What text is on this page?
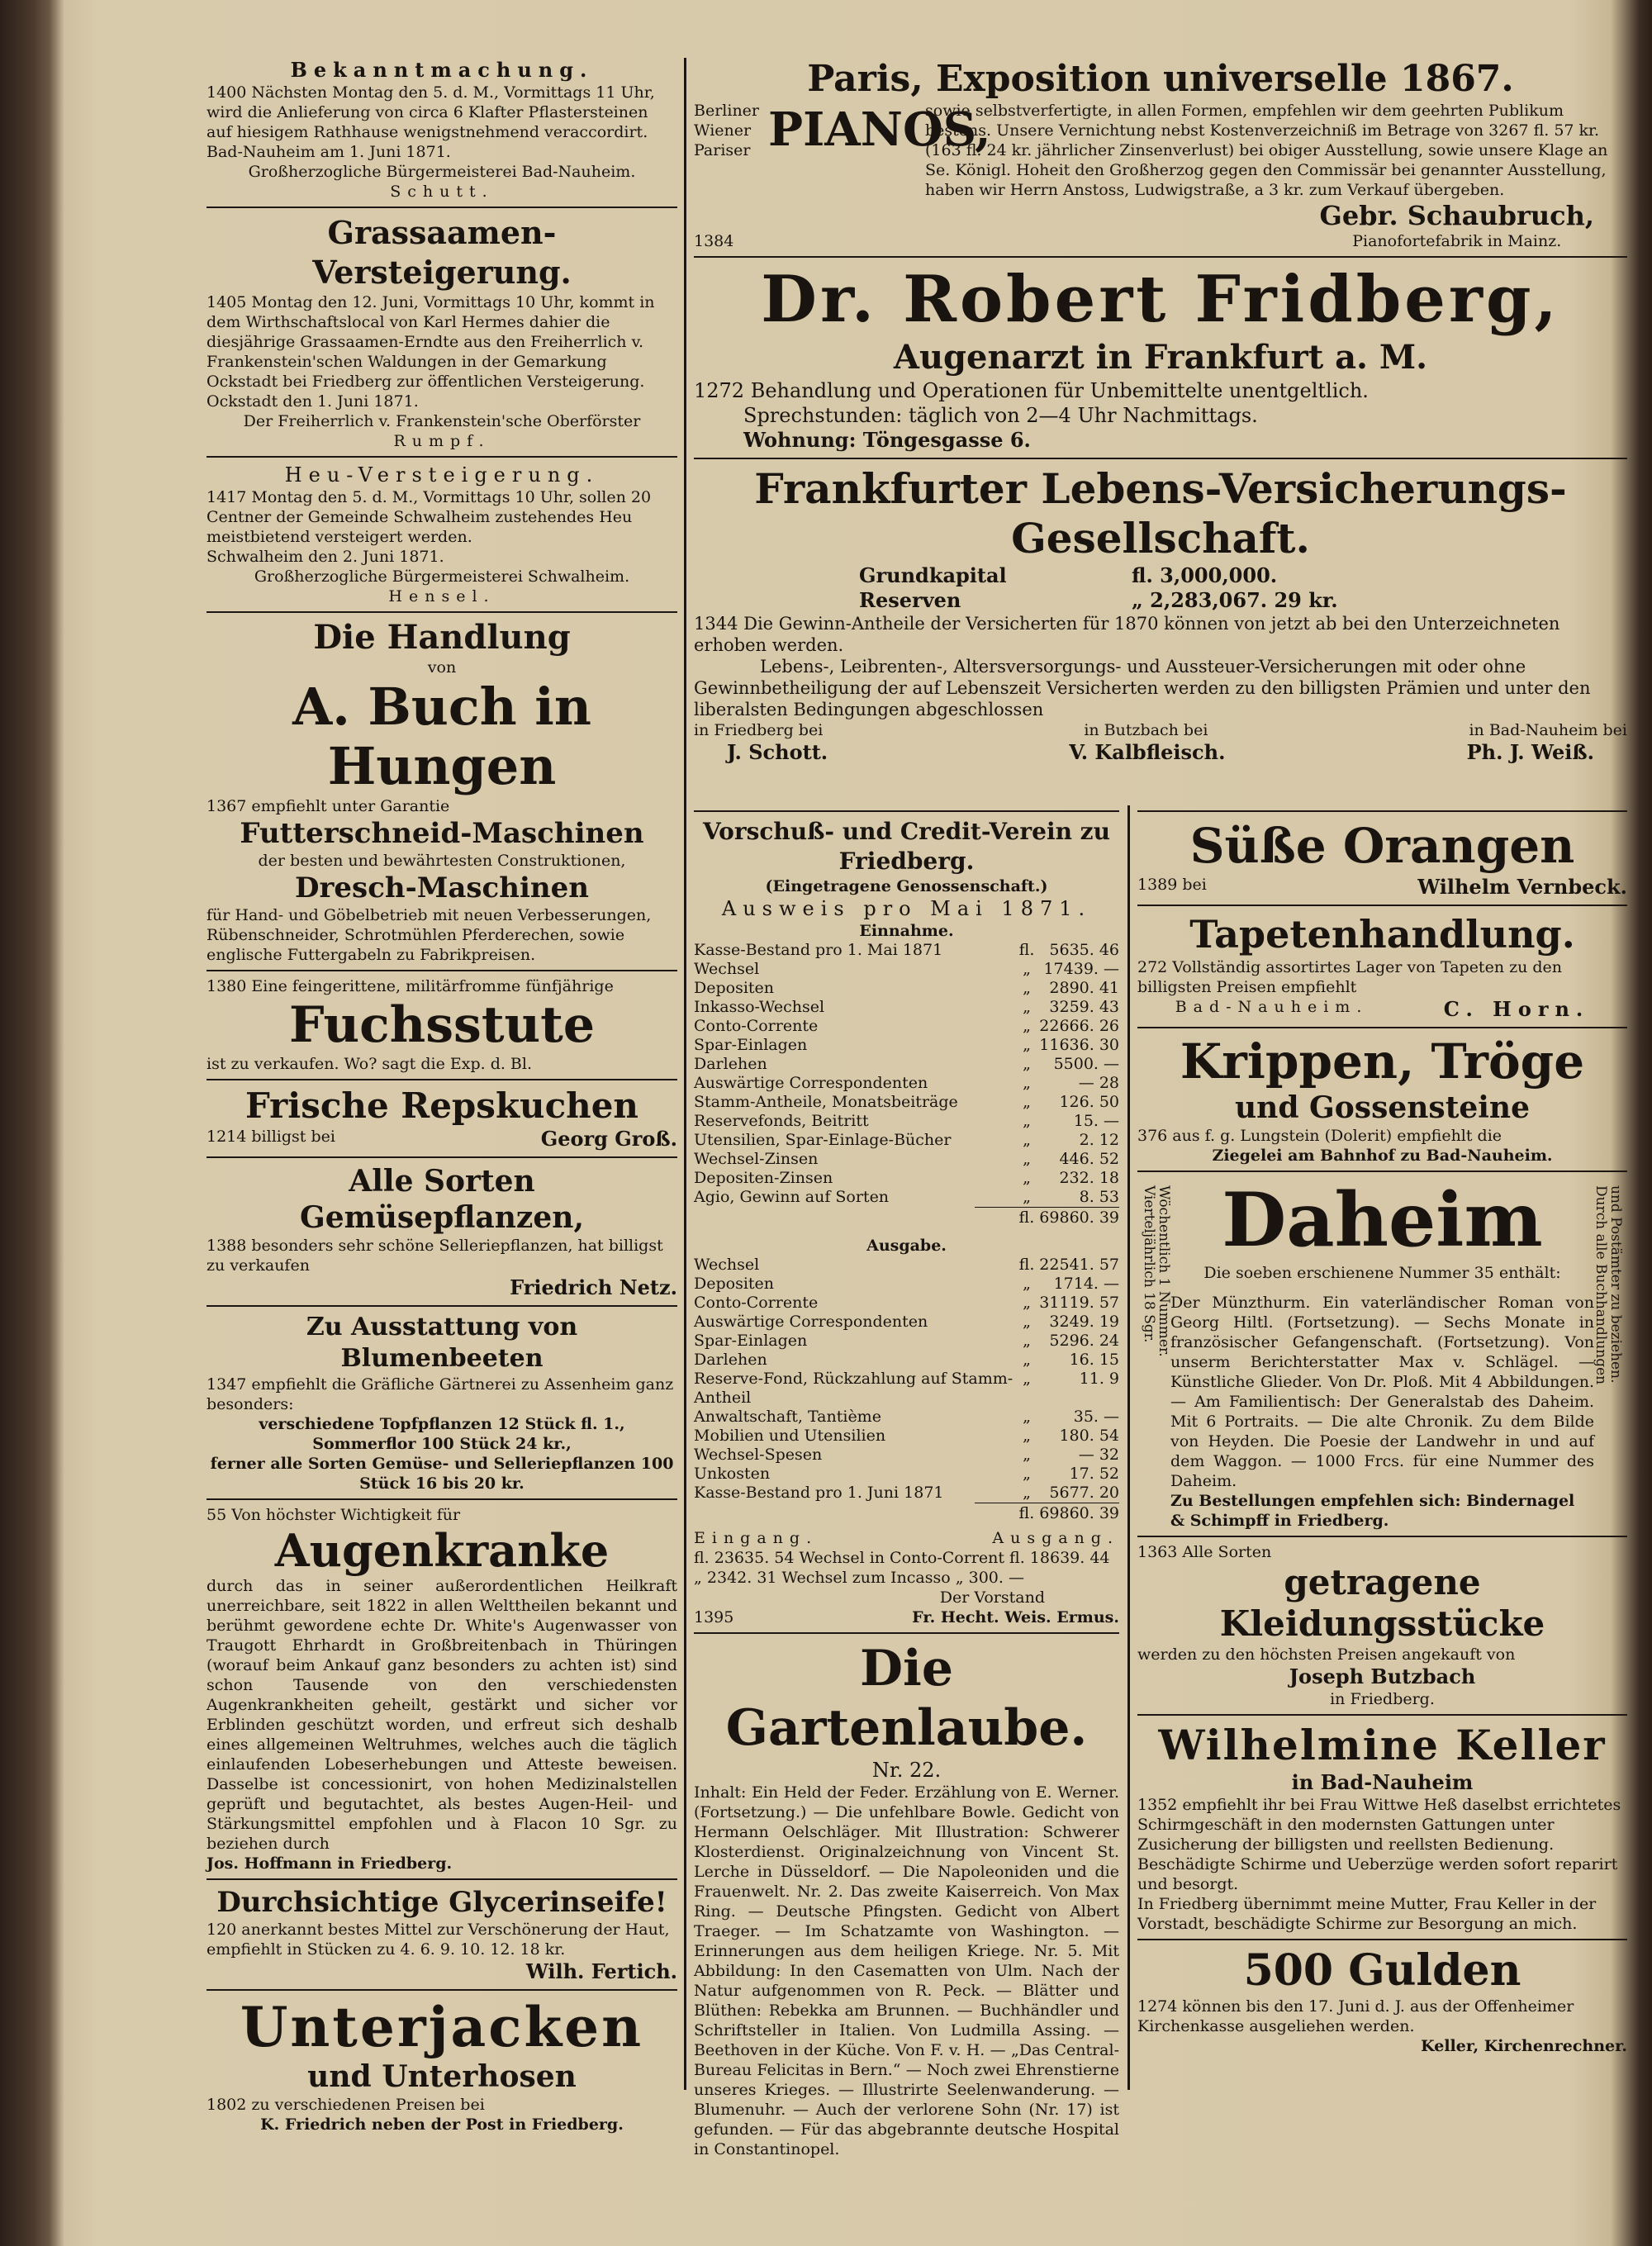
Bekanntmachung.
1400 Nächsten Montag den 5. d. M., Vormittags 11 Uhr, wird die Anlieferung von circa 6 Klafter Pflastersteinen auf hiesigem Rathhause wenigstnehmend veraccordirt.
Bad-Nauheim am 1. Juni 1871.
Großherzogliche Bürgermeisterei Bad-Nauheim.
Schutt.
Grassaamen-Versteigerung.
1405 Montag den 12. Juni, Vormittags 10 Uhr, kommt in dem Wirthschaftslocal von Karl Hermes dahier die diesjährige Grassaamen-Erndte aus den Freiherrlich v. Frankenstein'schen Waldungen in der Gemarkung Ockstadt bei Friedberg zur öffentlichen Versteigerung.
Ockstadt den 1. Juni 1871.
Der Freiherrlich v. Frankenstein'sche Oberförster
Rumpf.
Heu-Versteigerung.
1417 Montag den 5. d. M., Vormittags 10 Uhr, sollen 20 Centner der Gemeinde Schwalheim zustehendes Heu meistbietend versteigert werden.
Schwalheim den 2. Juni 1871.
Großherzogliche Bürgermeisterei Schwalheim.
Hensel.
Die Handlung
von
A. Buch in Hungen
1367 empfiehlt unter Garantie
Futterschneid-Maschinen
der besten und bewährtesten Construktionen,
Dresch-Maschinen
für Hand- und Göbelbetrieb mit neuen Verbesserungen, Rübenschneider, Schrotmühlen Pferderechen, sowie englische Futtergabeln zu Fabrikpreisen.
1380 Eine feingerittene, militärfromme fünfjährige
Fuchsstute
ist zu verkaufen. Wo? sagt die Exp. d. Bl.
Frische Repskuchen
1214 billigst bei	Georg Groß.
Alle Sorten Gemüsepflanzen,
1388 besonders sehr schöne Selleriepflanzen, hat billigst zu verkaufen
Friedrich Netz.
Zu Ausstattung von Blumenbeeten
1347 empfiehlt die Gräfliche Gärtnerei zu Assenheim ganz besonders:
verschiedene Topfpflanzen 12 Stück fl. 1.,
Sommerflor 100 Stück 24 kr.,
ferner alle Sorten Gemüse- und Selleriepflanzen 100 Stück 16 bis 20 kr.
55 Von höchster Wichtigkeit für
Augenkranke
durch das in seiner außerordentlichen Heilkraft unerreichbare, seit 1822 in allen Welttheilen bekannt und berühmt gewordene echte Dr. White's Augenwasser von Traugott Ehrhardt in Großbreitenbach in Thüringen (worauf beim Ankauf ganz besonders zu achten ist) sind schon Tausende von den verschiedensten Augenkrankheiten geheilt, gestärkt und sicher vor Erblinden geschützt worden, und erfreut sich deshalb eines allgemeinen Weltruhmes, welches auch die täglich einlaufenden Lobeserhebungen und Atteste beweisen. Dasselbe ist concessionirt, von hohen Medizinalstellen geprüft und begutachtet, als bestes Augen-Heil- und Stärkungsmittel empfohlen und à Flacon 10 Sgr. zu beziehen durch
Jos. Hoffmann in Friedberg.
Durchsichtige Glycerinseife!
120 anerkannt bestes Mittel zur Verschönerung der Haut, empfiehlt in Stücken zu 4. 6. 9. 10. 12. 18 kr.
Wilh. Fertich.
Unterjacken
und Unterhosen
1802 zu verschiedenen Preisen bei
K. Friedrich neben der Post in Friedberg.
Paris, Exposition universelle 1867.
Berliner
Wiener
Pariser PIANOS,
sowie selbstverfertigte, in allen Formen, empfehlen wir dem geehrten Publikum bestens. Unsere Vernichtung nebst Kostenverzeichniß im Betrage von 3267 fl. 57 kr. (163 fl. 24 kr. jährlicher Zinsenverlust) bei obiger Ausstellung, sowie unsere Klage an Se. Königl. Hoheit den Großherzog gegen den Commissär bei genannter Ausstellung, haben wir Herrn Anstoss, Ludwigstraße, a 3 kr. zum Verkauf übergeben.
1384
Gebr. Schaubruch,
Pianofortefabrik in Mainz.
Dr. Robert Fridberg,
Augenarzt in Frankfurt a. M.
1272 Behandlung und Operationen für Unbemittelte unentgeltlich.
Sprechstunden: täglich von 2—4 Uhr Nachmittags.
Wohnung: Töngesgasse 6.
Frankfurter Lebens-Versicherungs-Gesellschaft.
Grundkapital	fl. 3,000,000.
Reserven	„ 2,283,067. 29 kr.
1344 Die Gewinn-Antheile der Versicherten für 1870 können von jetzt ab bei den Unterzeichneten erhoben werden.
Lebens-, Leibrenten-, Altersversorgungs- und Aussteuer-Versicherungen mit oder ohne Gewinnbetheiligung der auf Lebenszeit Versicherten werden zu den billigsten Prämien und unter den liberalsten Bedingungen abgeschlossen
in Friedberg bei	in Butzbach bei	in Bad-Nauheim bei
J. Schott.	V. Kalbfleisch.	Ph. J. Weiß.
Vorschuß- und Credit-Verein zu Friedberg.
(Eingetragene Genossenschaft.)
Ausweis pro Mai 1871.
Einnahme.
Kasse-Bestand pro 1. Mai 1871	fl. 5635. 46
Wechsel	„ 17439. —
Depositen	„	2890. 41
Inkasso-Wechsel	„	3259. 43
Conto-Corrente	„ 22666. 26
Spar-Einlagen	„ 11636. 30
Darlehen	„	5500. —
Auswärtige Correspondenten	„	— 28
Stamm-Antheile, Monatsbeiträge	„	126. 50
Reservefonds, Beitritt	„	15. —
Utensilien, Spar-Einlage-Bücher	„	2. 12
Wechsel-Zinsen	„	446. 52
Depositen-Zinsen	„	232. 18
Agio, Gewinn auf Sorten	„	8. 53
fl. 69860. 39
Ausgabe.
Wechsel	fl. 22541. 57
Depositen	„	1714. —
Conto-Corrente	„ 31119. 57
Auswärtige Correspondenten	„	3249. 19
Spar-Einlagen	„	5296. 24
Darlehen	„	16. 15
Reserve-Fond, Rückzahlung auf Stamm-Antheil
„	11. 9
Anwaltschaft, Tantième	„	35. —
Mobilien und Utensilien	„	180. 54
Wechsel-Spesen	„	— 32
Unkosten	„	17. 52
Kasse-Bestand pro 1. Juni 1871	„	5677. 20
fl. 69860. 39
Eingang.	Ausgang.
fl. 23635. 54 Wechsel in Conto-Corrent fl. 18639. 44
„ 2342. 31 Wechsel zum Incasso „ 300. —
Der Vorstand
1395	Fr. Hecht. Weis. Ermus.
Die Gartenlaube.
Nr. 22.
Inhalt: Ein Held der Feder. Erzählung von E. Werner. (Fortsetzung.) — Die unfehlbare Bowle. Gedicht von Hermann Oelschläger. Mit Illustration: Schwerer Klosterdienst. Originalzeichnung von Vincent St. Lerche in Düsseldorf. — Die Napoleoniden und die Frauenwelt. Nr. 2. Das zweite Kaiserreich. Von Max Ring. — Deutsche Pfingsten. Gedicht von Albert Traeger. — Im Schatzamte von Washington. — Erinnerungen aus dem heiligen Kriege. Nr. 5. Mit Abbildung: In den Casematten von Ulm. Nach der Natur aufgenommen von R. Peck. — Blätter und Blüthen: Rebekka am Brunnen. — Buchhändler und Schriftsteller in Italien. Von Ludmilla Assing. — Beethoven in der Küche. Von F. v. H. — „Das Central-Bureau Felicitas in Bern.“ — Noch zwei Ehrenstierne unseres Krieges. — Illustrirte Seelenwanderung. — Blumenuhr. — Auch der verlorene Sohn (Nr. 17) ist gefunden. — Für das abgebrannte deutsche Hospital in Constantinopel.
Süße Orangen
1389 bei	Wilhelm Vernbeck.
Tapetenhandlung.
272 Vollständig assortirtes Lager von Tapeten zu den billigsten Preisen empfiehlt
Bad-Nauheim.	C. Horn.
Krippen, Tröge
und Gossensteine
376 aus f. g. Lungstein (Dolerit) empfiehlt die
Ziegelei am Bahnhof zu Bad-Nauheim.
Vierteljährlich 18 Sgr.
Wöchentlich 1 Nummer.	Durch alle Buchhandlungen
und Postämter zu beziehen.
Daheim
Die soeben erschienene Nummer 35 enthält:
Der Münzthurm. Ein vaterländischer Roman von Georg Hiltl. (Fortsetzung). — Sechs Monate in französischer Gefangenschaft. (Fortsetzung). Von unserm Berichterstatter Max v. Schlägel. — Künstliche Glieder. Von Dr. Ploß. Mit 4 Abbildungen. — Am Familientisch: Der Generalstab des Daheim. Mit 6 Portraits. — Die alte Chronik. Zu dem Bilde von Heyden. Die Poesie der Landwehr in und auf dem Waggon. — 1000 Frcs. für eine Nummer des Daheim.
Zu Bestellungen empfehlen sich: Bindernagel & Schimpff in Friedberg.
1363 Alle Sorten
getragene Kleidungsstücke
werden zu den höchsten Preisen angekauft von
Joseph Butzbach
in Friedberg.
Wilhelmine Keller
in Bad-Nauheim
1352 empfiehlt ihr bei Frau Wittwe Heß daselbst errichtetes Schirmgeschäft in den modernsten Gattungen unter Zusicherung der billigsten und reellsten Bedienung. Beschädigte Schirme und Ueberzüge werden sofort reparirt und besorgt.
In Friedberg übernimmt meine Mutter, Frau Keller in der Vorstadt, beschädigte Schirme zur Besorgung an mich.
500 Gulden
1274 können bis den 17. Juni d. J. aus der Offenheimer Kirchenkasse ausgeliehen werden.
Keller, Kirchenrechner.
